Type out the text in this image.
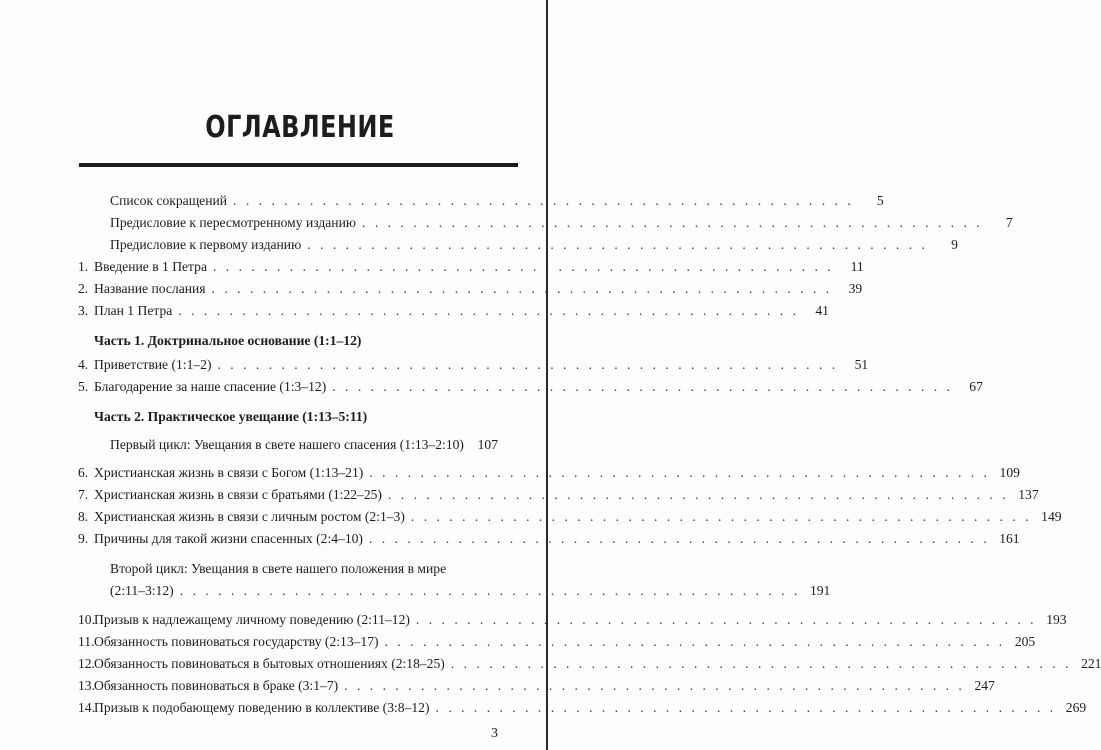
ОГЛАВЛЕНИЕ
Список сокращений . . . . . . . . . . . . . . . . . . . . . . . . . . . . . . . . . . . . . . . . . . . . . . . . .	5
Предисловие к пересмотренному изданию . . . . . . . . . . . . . . . . . . . . . . . . . . . . . . . . . . . . . . . . . . . . . . . . .	7
Предисловие к первому изданию . . . . . . . . . . . . . . . . . . . . . . . . . . . . . . . . . . . . . . . . . . . . . . . . .	9
1. Введение в 1 Петра . . . . . . . . . . . . . . . . . . . . . . . . . . . . . . . . . . . . . . . . . . . . . . . . .	11
2. Название послания . . . . . . . . . . . . . . . . . . . . . . . . . . . . . . . . . . . . . . . . . . . . . . . . .	39
3. План 1 Петра . . . . . . . . . . . . . . . . . . . . . . . . . . . . . . . . . . . . . . . . . . . . . . . . .	41
Часть 1. Доктринальное основание (1:1–12)
4. Приветствие (1:1–2) . . . . . . . . . . . . . . . . . . . . . . . . . . . . . . . . . . . . . . . . . . . . . . . . .	51
5. Благодарение за наше спасение (1:3–12) . . . . . . . . . . . . . . . . . . . . . . . . . . . . . . . . . . . . . . . . . . . . . . . . .	67
Часть 2. Практическое увещание (1:13–5:11)
Первый цикл: Увещания в свете нашего спасения (1:13–2:10) 107
6. Христианская жизнь в связи с Богом (1:13–21) . . . . . . . . . . . . . . . . . . . . . . . . . . . . . . . . . . . . . . . . . . . . . . . . . 109
7. Христианская жизнь в связи с братьями (1:22–25) . . . . . . . . . . . . . . . . . . . . . . . . . . . . . . . . . . . . . . . . . . . . . . . . . 137
8. Христианская жизнь в связи с личным ростом (2:1–3) . . . . . . . . . . . . . . . . . . . . . . . . . . . . . . . . . . . . . . . . . . . . . . . . . 149
9. Причины для такой жизни спасенных (2:4–10) . . . . . . . . . . . . . . . . . . . . . . . . . . . . . . . . . . . . . . . . . . . . . . . . . 161
Второй цикл: Увещания в свете нашего положения в мире
(2:11–3:12) . . . . . . . . . . . . . . . . . . . . . . . . . . . . . . . . . . . . . . . . . . . . . . . . . 191
10. Призыв к надлежащему личному поведению (2:11–12) . . . . . . . . . . . . . . . . . . . . . . . . . . . . . . . . . . . . . . . . . . . . . . . . . 193
11. Обязанность повиноваться государству (2:13–17) . . . . . . . . . . . . . . . . . . . . . . . . . . . . . . . . . . . . . . . . . . . . . . . . . 205
12. Обязанность повиноваться в бытовых отношениях (2:18–25) . . . . . . . . . . . . . . . . . . . . . . . . . . . . . . . . . . . . . . . . . . . . . . . . . 221
13. Обязанность повиноваться в браке (3:1–7) . . . . . . . . . . . . . . . . . . . . . . . . . . . . . . . . . . . . . . . . . . . . . . . . . 247
14. Призыв к подобающему поведению в коллективе (3:8–12) . . . . . . . . . . . . . . . . . . . . . . . . . . . . . . . . . . . . . . . . . . . . . . . . . 269
3
